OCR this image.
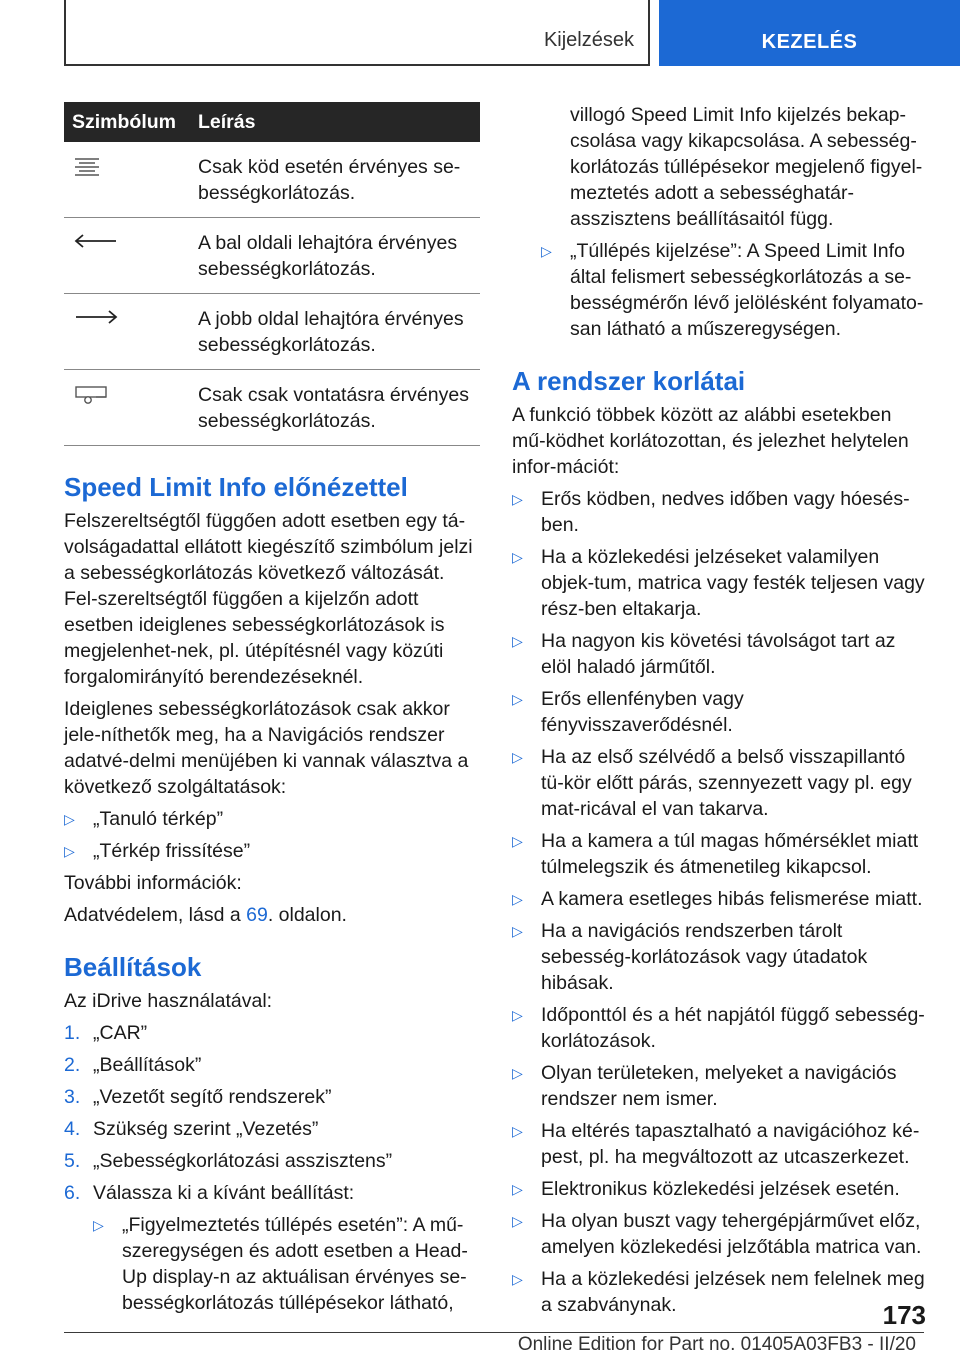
Kijelzések	KEZELÉS
Szimbólum	Leírás

	Csak köd esetén érvényes se-bességkorlátozás.

	A bal oldali lehajtóra érvényes sebességkorlátozás.

	A jobb oldal lehajtóra érvényes sebességkorlátozás.

	Csak csak vontatásra érvényes sebességkorlátozás.
Speed Limit Info előnézettel

Felszereltségtől függően adott esetben egy tá-volságadattal ellátott kiegészítő szimbólum jelzi a sebességkorlátozás következő változását. Fel-szereltségtől függően a kijelzőn adott esetben ideiglenes sebességkorlátozások is megjelenhet-nek, pl. útépítésnél vagy közúti forgalomirányító berendezéseknél.

Ideiglenes sebességkorlátozások csak akkor jele-níthetők meg, ha a Navigációs rendszer adatvé-delmi menüjében ki vannak választva a következő szolgáltatások:

▷ „Tanuló térkép”
▷ „Térkép frissítése”

További információk:

Adatvédelem, lásd a 69. oldalon.

Beállítások

Az iDrive használatával:

1. „CAR”
2. „Beállítások”
3. „Vezetőt segítő rendszerek”
4. Szükség szerint „Vezetés”
5. „Sebességkorlátozási asszisztens”
6. Válassza ki a kívánt beállítást:
▷ „Figyelmeztetés túllépés esetén”: A mű-szeregységen és adott esetben a Head-Up display-n az aktuálisan érvényes se-bességkorlátozás túllépésekor látható,
villogó Speed Limit Info kijelzés bekap-csolása vagy kikapcsolása. A sebesség-korlátozás túllépésekor megjelenő figyel-meztetés adott a sebességhatár-asszisztens beállításaitól függ.
▷ „Túllépés kijelzése”: A Speed Limit Info által felismert sebességkorlátozás a se-bességmérőn lévő jelölésként folyamato-san látható a műszeregységen.
A rendszer korlátai

A funkció többek között az alábbi esetekben mű-ködhet korlátozottan, és jelezhet helytelen infor-mációt:

▷ Erős ködben, nedves időben vagy hóesés-ben.
▷ Ha a közlekedési jelzéseket valamilyen objek-tum, matrica vagy festék teljesen vagy rész-ben eltakarja.
▷ Ha nagyon kis követési távolságot tart az elöl haladó járműtől.
▷ Erős ellenfényben vagy fényvisszaverődésnél.
▷ Ha az első szélvédő a belső visszapillantó tü-kör előtt párás, szennyezett vagy pl. egy mat-ricával el van takarva.
▷ Ha a kamera a túl magas hőmérséklet miatt túlmelegszik és átmenetileg kikapcsol.
▷ A kamera esetleges hibás felismerése miatt.
▷ Ha a navigációs rendszerben tárolt sebesség-korlátozások vagy útadatok hibásak.
▷ Időponttól és a hét napjától függő sebesség-korlátozások.
▷ Olyan területeken, melyeket a navigációs rendszer nem ismer.
▷ Ha eltérés tapasztalható a navigációhoz ké-pest, pl. ha megváltozott az utcaszerkezet.
▷ Elektronikus közlekedési jelzések esetén.
▷ Ha olyan buszt vagy tehergépjárművet előz, amelyen közlekedési jelzőtábla matrica van.
▷ Ha a közlekedési jelzések nem felelnek meg a szabványnak.	173
Online Edition for Part no. 01405A03FB3 - II/20
